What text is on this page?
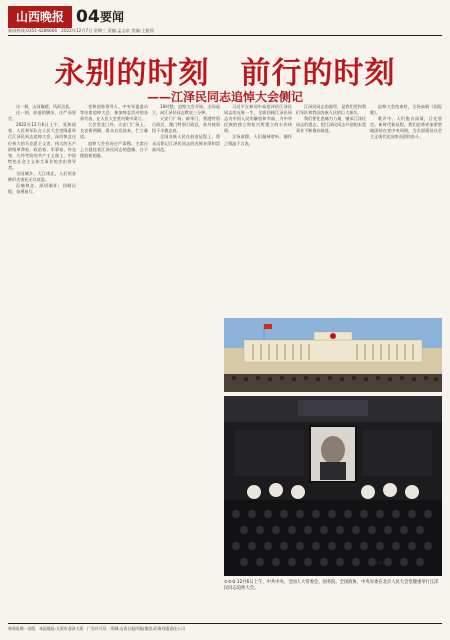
山西晚报 04 要闻
新闻热线:0351-4286666　2022年12月7日 星期三 责编:孟志泉 美编:王振翔
永别的时刻　前行的时刻
——江泽民同志追悼大会侧记

这一刻，山河凝噎，风雨含悲。

这一刻，前进的脚步，庄严而坚定。

2022年12月6日上午，党和国家、人民和军队在人民大会堂隆重举行江泽民同志追悼大会，深切悼念这位伟大的马克思主义者，伟大的无产阶级革命家、政治家、军事家、外交家，久经考验的共产主义战士，中国特色社会主义伟大事业的杰出领导者。

全国城乡，大江南北，人们用各种形式寄托无尽哀思。

沉痛悼念，深切缅怀；回顾历程，奋勇前行。

党和国家领导人、中央军委委员等出席追悼大会，参加悼念活动的各界代表，在人民大会堂内集中肃立。

大会堂北门外，天安门广场上，长安街两侧，群众自发前来，伫立凝望。

追悼大会会场庄严肃穆。主席台上方悬挂着江泽民同志的遗像，台下摆放着花圈。

10时整，追悼大会开始。全场起立，向江泽民同志默哀三分钟。

天安门广场、新华门、香港特别行政区、澳门特别行政区，驻外使领馆下半旗志哀。

全国各族人民在前进征程上，将永远铭记江泽民同志的光辉业绩和崇高风范。

习近平在悼词中高度评价江泽民同志的光辉一生，全面回顾江泽民同志为中国人民的解放和幸福、为中华民族的独立和复兴所建立的丰功伟绩。

全场肃穆，人们凝神聆听，缅怀之情溢于言表。

江泽民同志的逝世，是我们党和我们军队和我国各族人民的巨大损失。

我们要化悲痛为力量，继承江泽民同志的遗志，把江泽民同志开创的未竟事业不断推向前进。

追悼大会结束时，全场高唱《国际歌》。

歌声中，人们饱含深情，目光坚定。新时代新征程，我们必将更加紧密地团结在党中央周围，为全面建设社会主义现代化国家而团结奋斗。

新华社发
①②③ 12月6日上午，中共中央、全国人大常委会、国务院、全国政协、中央军委在北京人民大会堂隆重举行江泽民同志追悼大会。
每周星期一出版　本报地址:太原市迎泽大街　广告许可证　印刷:山西日报传媒(集团)印务有限责任公司
